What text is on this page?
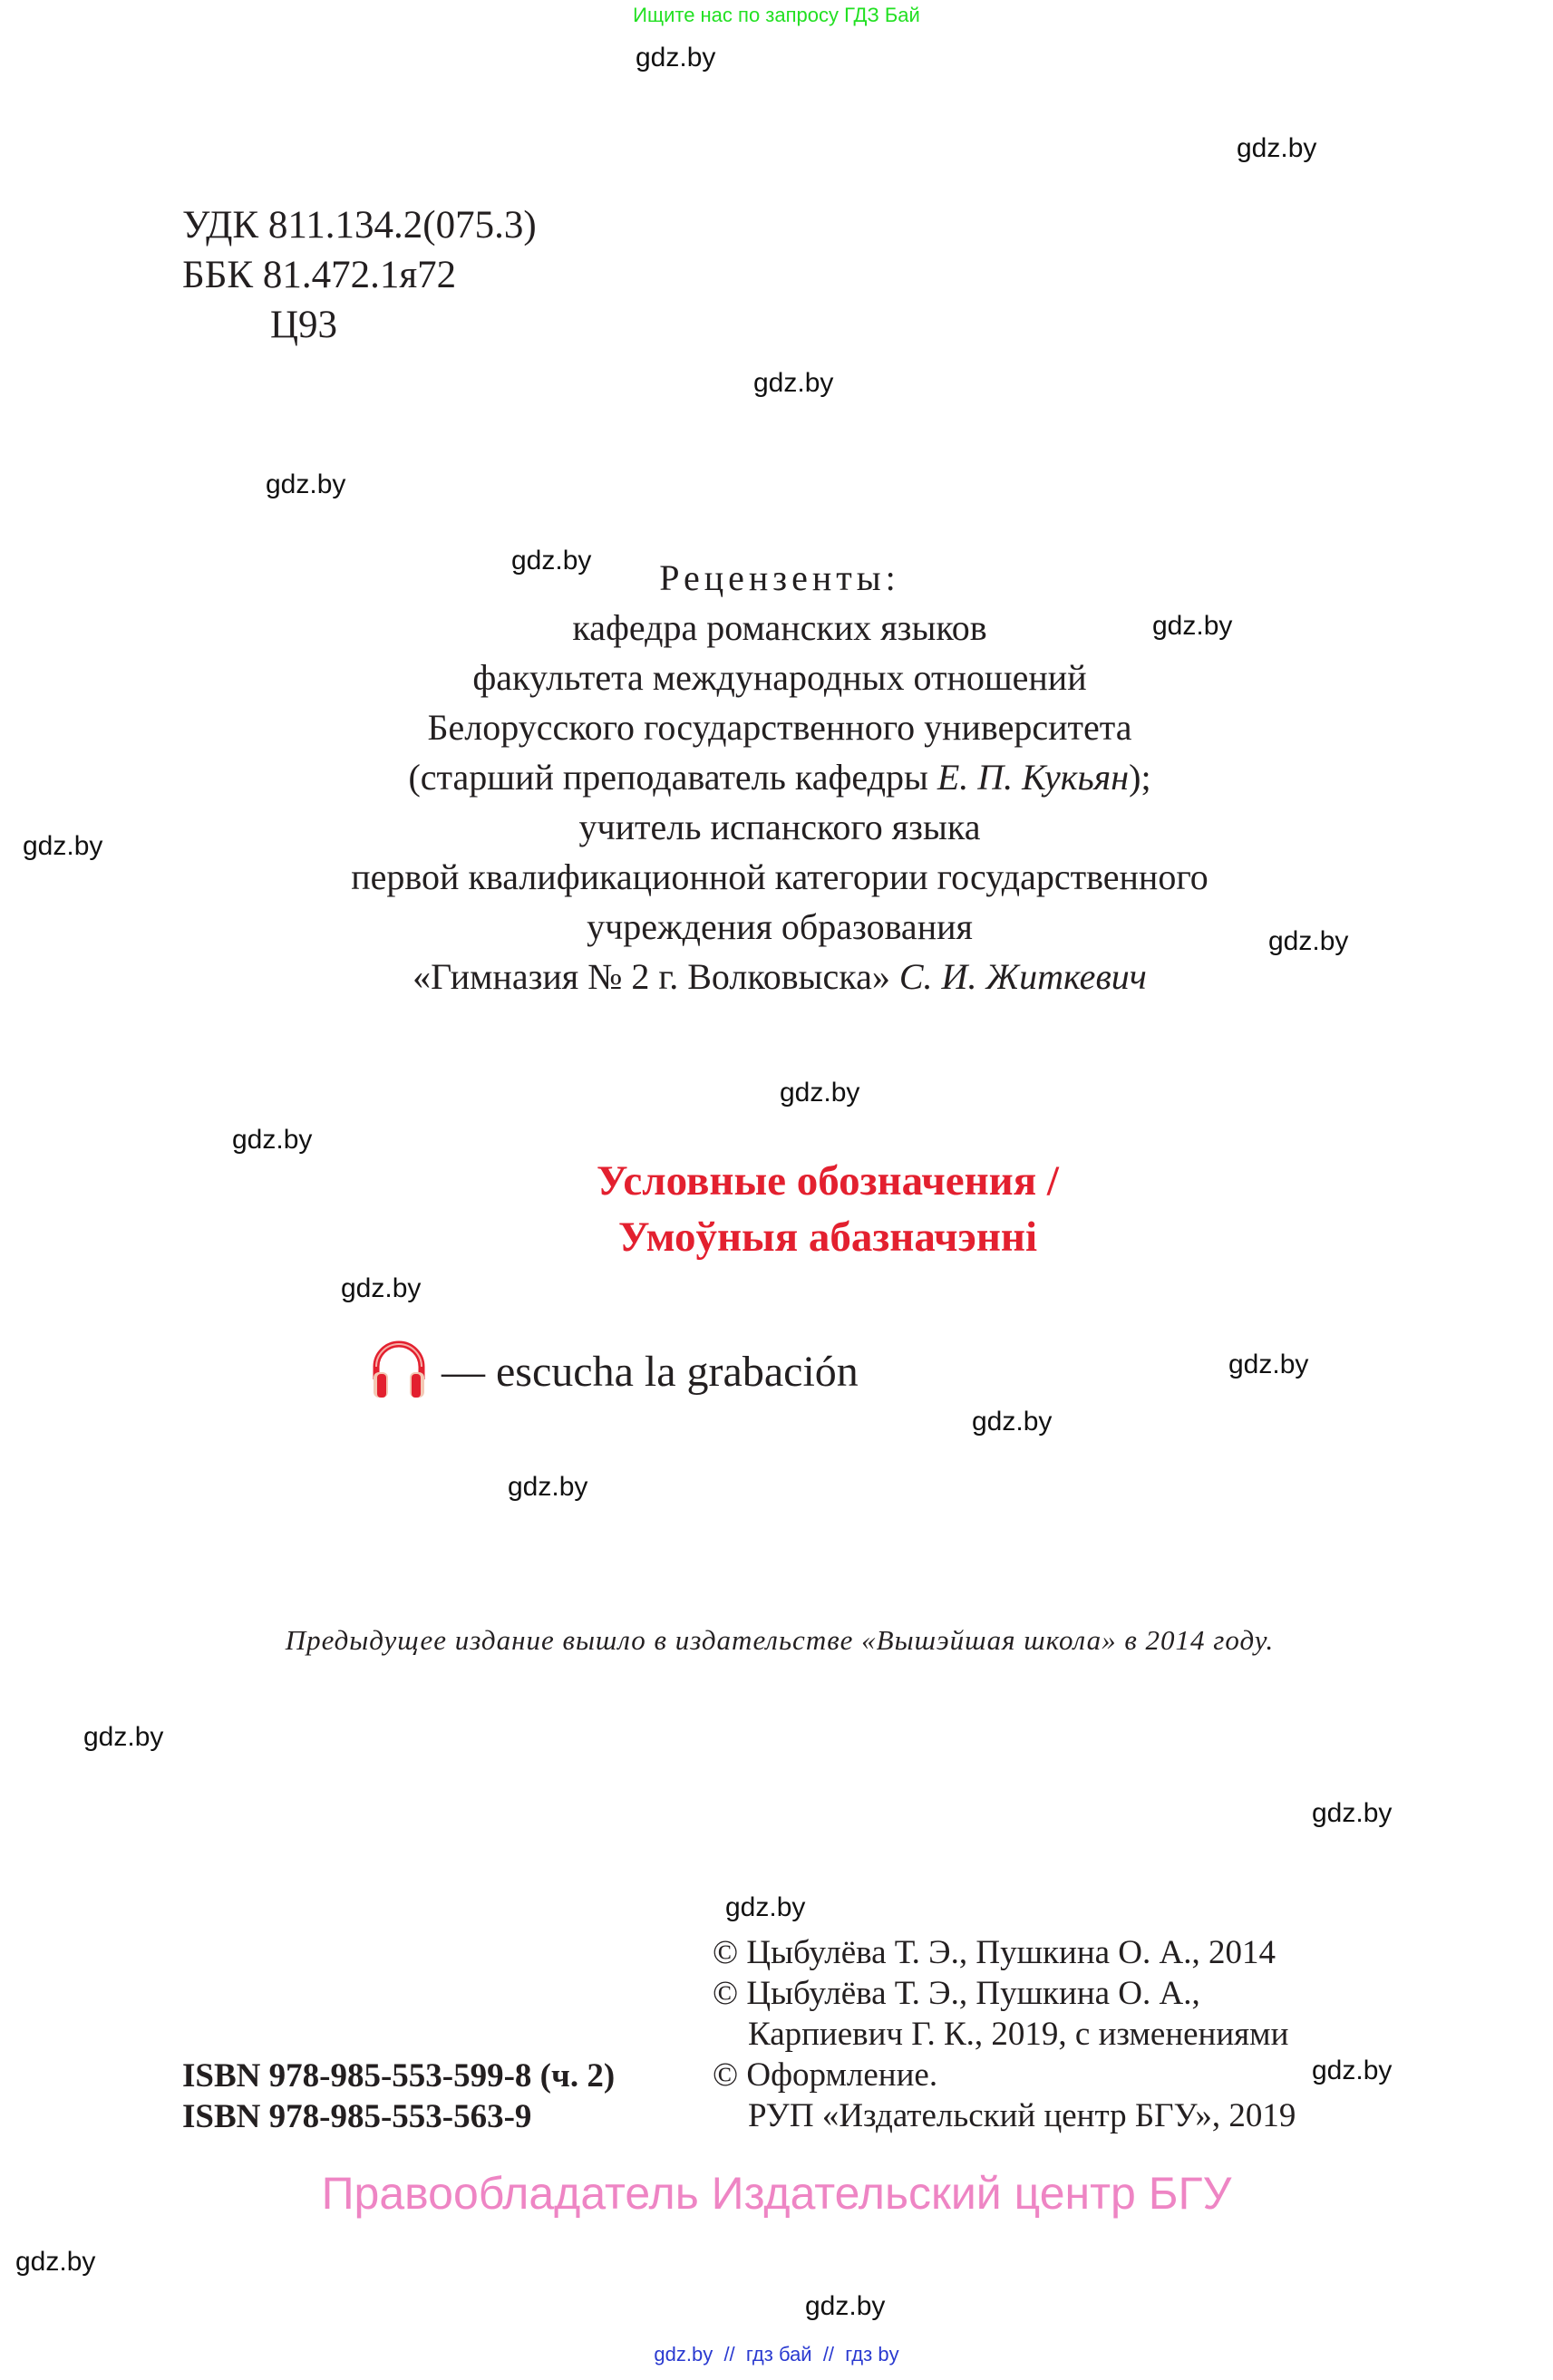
Ищите нас по запросу ГДЗ Бай
gdz.by
gdz.by
gdz.by
gdz.by
gdz.by
gdz.by
gdz.by
gdz.by
gdz.by
gdz.by
gdz.by
gdz.by
gdz.by
gdz.by
gdz.by
gdz.by
gdz.by
gdz.by
gdz.by
gdz.by
УДК 811.134.2(075.3)
ББК 81.472.1я72
Ц93
Рецензенты:
кафедра романских языков
факультета международных отношений
Белорусского государственного университета
(старший преподаватель кафедры Е. П. Кукьян);
учитель испанского языка
первой квалификационной категории государственного
учреждения образования
«Гимназия № 2 г. Волковыска» С. И. Житкевич
Условные обозначения /
Умоўныя абазначэнні
— escucha la grabación
Предыдущее издание вышло в издательстве «Вышэйшая школа» в 2014 году.
ISBN 978-985-553-599-8 (ч. 2)
ISBN 978-985-553-563-9
© Цыбулёва Т. Э., Пушкина О. А., 2014
© Цыбулёва Т. Э., Пушкина О. А.,
Карпиевич Г. К., 2019, с изменениями
© Оформление.
РУП «Издательский центр БГУ», 2019
Правообладатель Издательский центр БГУ
gdz.by  //  гдз бай  //  гдз by
